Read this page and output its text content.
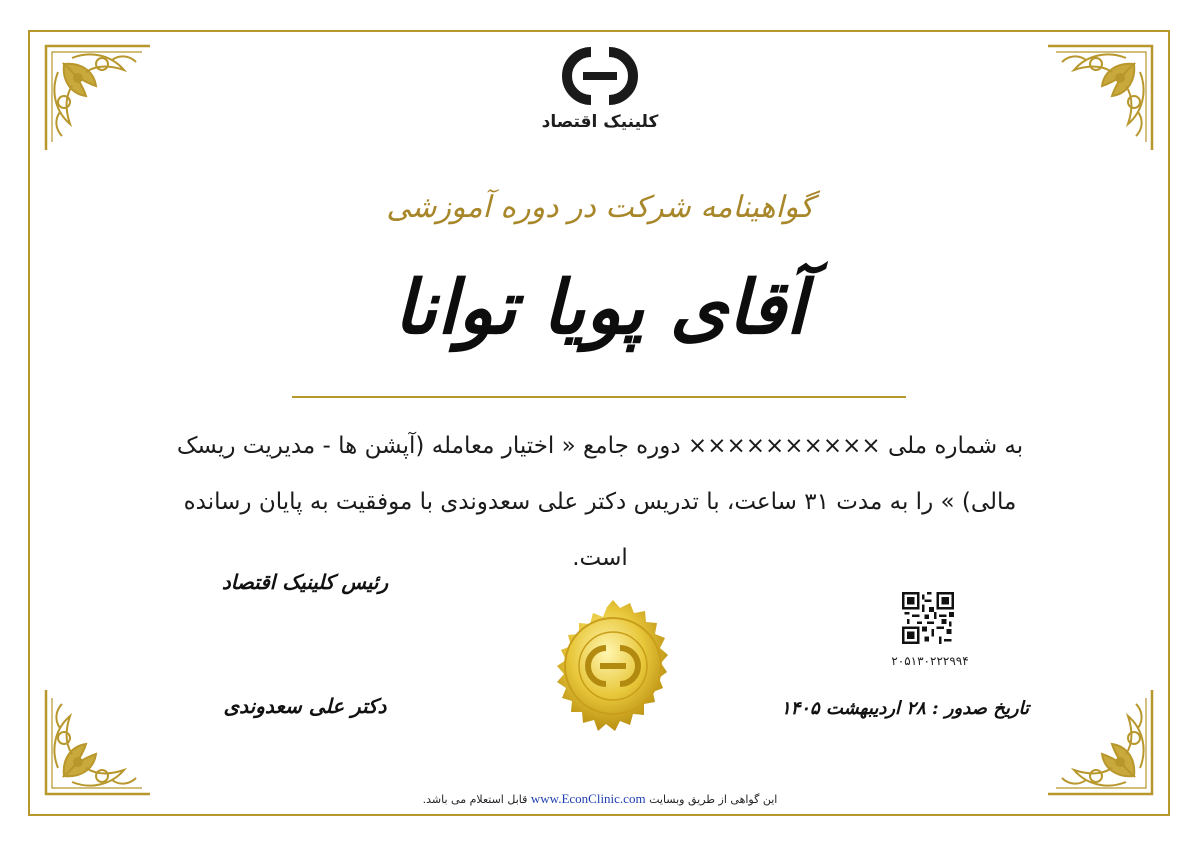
کلینیک اقتصاد
گواهینامه شرکت در دوره آموزشی
آقای پویا توانا
به شماره ملی ×××××××××× دوره جامع « اختیار معامله (آپشن ها - مدیریت ریسک مالی) » را به مدت ۳۱ ساعت، با تدریس دکتر علی سعدوندی با موفقیت به پایان رسانده است.
رئیس کلینیک اقتصاد
دکتر علی سعدوندی
۲۰۵۱۳۰۲۲۲۹۹۴
تاریخ صدور : ۲۸ اردیبهشت ۱۴۰۵
این گواهی از طریق وبسایت www.EconClinic.com قابل استعلام می باشد.
